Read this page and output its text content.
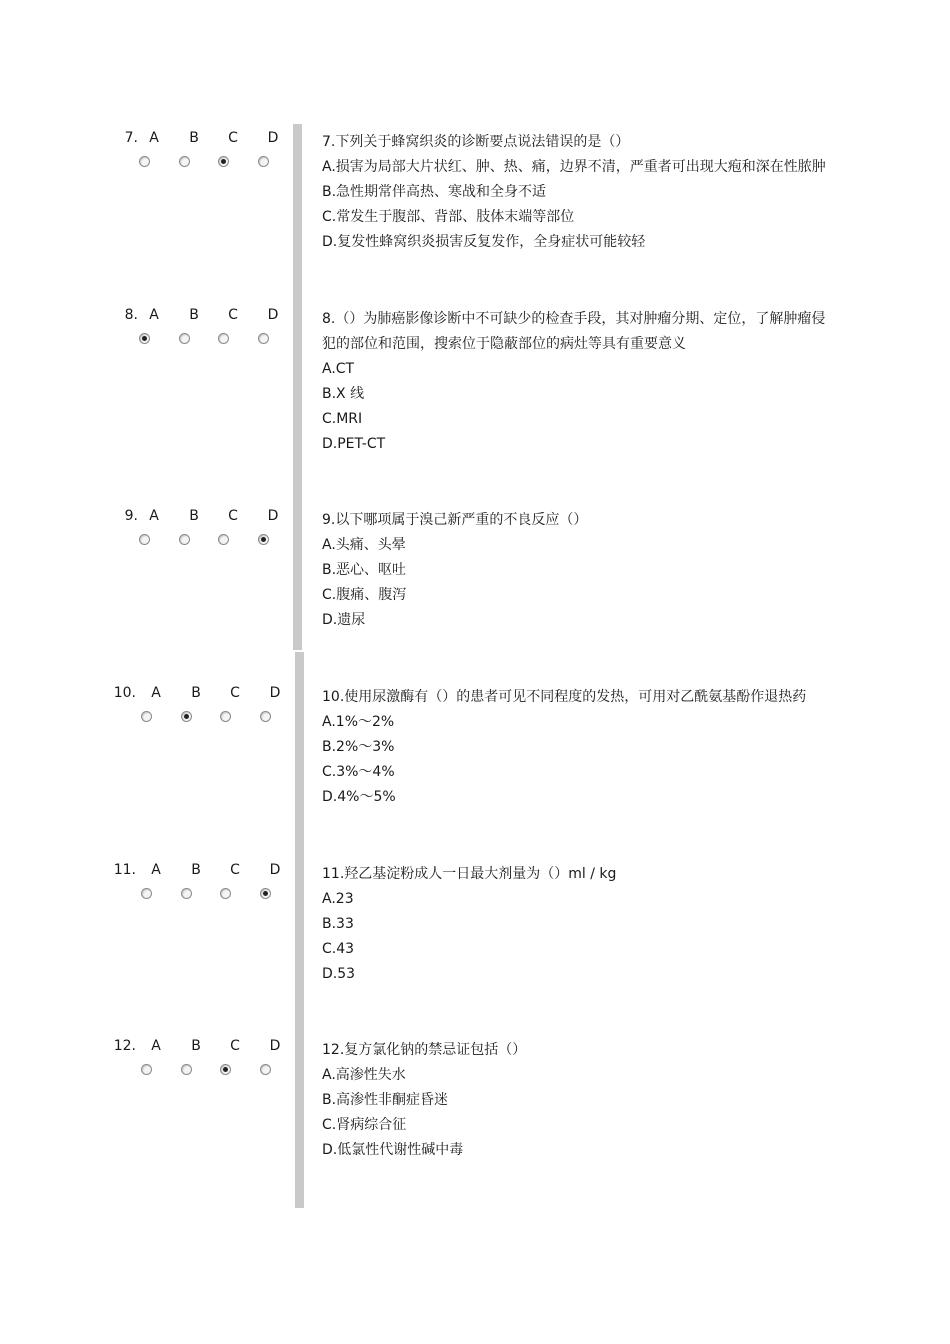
7. A B C D	7.下列关于蜂窝织炎的诊断要点说法错误的是（）
A.损害为局部大片状红、肿、热、痛，边界不清，严重者可出现大疱和深在性脓肿
B.急性期常伴高热、寒战和全身不适
C.常发生于腹部、背部、肢体末端等部位
D.复发性蜂窝织炎损害反复发作，全身症状可能较轻
8. A B C D	8.（）为肺癌影像诊断中不可缺少的检查手段，其对肿瘤分期、定位，了解肿瘤侵犯的部位和范围，搜索位于隐蔽部位的病灶等具有重要意义
A.CT
B.X 线
C.MRI
D.PET-CT
9. A B C D	9.以下哪项属于溴己新严重的不良反应（）
A.头痛、头晕
B.恶心、呕吐
C.腹痛、腹泻
D.遗尿
10. A B C D	10.使用尿激酶有（）的患者可见不同程度的发热，可用对乙酰氨基酚作退热药
A.1%～2%
B.2%～3%
C.3%～4%
D.4%～5%
11. A B C D	11.羟乙基淀粉成人一日最大剂量为（）ml / kg
A.23
B.33
C.43
D.53
12. A B C D	12.复方氯化钠的禁忌证包括（）
A.高渗性失水
B.高渗性非酮症昏迷
C.肾病综合征
D.低氯性代谢性碱中毒
